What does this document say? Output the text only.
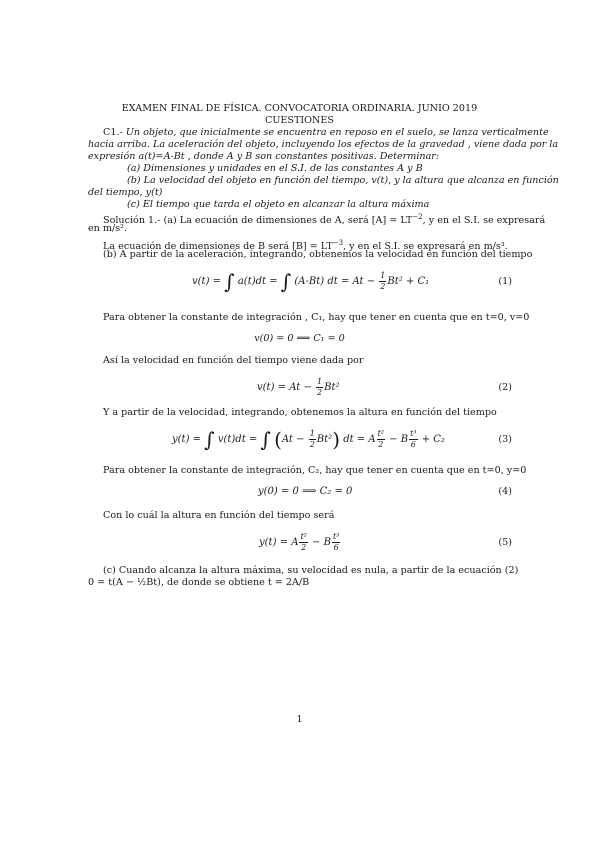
EXAMEN FINAL DE FÍSICA. CONVOCATORIA ORDINARIA. JUNIO 2019
CUESTIONES
C1.- Un objeto, que inicialmente se encuentra en reposo en el suelo, se lanza verticalmente
hacia arriba. La aceleración del objeto, incluyendo los efectos de la gravedad , viene dada por la
expresión a(t)=A-Bt , donde A y B son constantes positivas. Determinar:
(a) Dimensiones y unidades en el S.I. de las constantes A y B
(b) La velocidad del objeto en función del tiempo, v(t), y la altura que alcanza en función
del tiempo, y(t)
(c) El tiempo que tarda el objeto en alcanzar la altura máxima
Solución 1.- (a) La ecuación de dimensiones de A, será $[A] = LT^{-2}$, y en el S.I. se expresará
en m/s².
La ecuación de dimensiones de B será $[B] = LT^{-3}$, y en el S.I. se expresará en m/s³.
(b) A partir de la aceleración, integrando, obtenemos la velocidad en función del tiempo
v(t) = ∫ a(t)dt = ∫ (A-Bt) dt = $At - \frac{1}{2} Bt^2 + C_1$	(1)
Para obtener la constante de integración , C₁, hay que tener en cuenta que en t=0, v=0
v(0) = 0 ⟹ C₁ = 0
Así la velocidad en función del tiempo viene dada por
$v(t) = At - \frac{1}{2} Bt^2$	(2)
Y a partir de la velocidad, integrando, obtenemos la altura en función del tiempo
y(t) = ∫ v(t)dt = ∫ $(At - \frac{1}{2} Bt^2)$ dt = A $\frac{\text{t²}}{2} - B \frac{\text{t³}}{6} + C_2$	(3)
Para obtener la constante de integración, C₂, hay que tener en cuenta que en t=0, y=0
y(0) = 0 ⟹ C₂ = 0	(4)
Con lo cuál la altura en función del tiempo será
y(t) = A $\frac{\text{t²}}{2} - B \frac{\text{t³}}{6}$	(5)
(c) Cuando alcanza la altura máxima, su velocidad es nula, a partir de la ecuación (2)
0 = t(A − ½Bt), de donde se obtiene t = 2A/B
1
